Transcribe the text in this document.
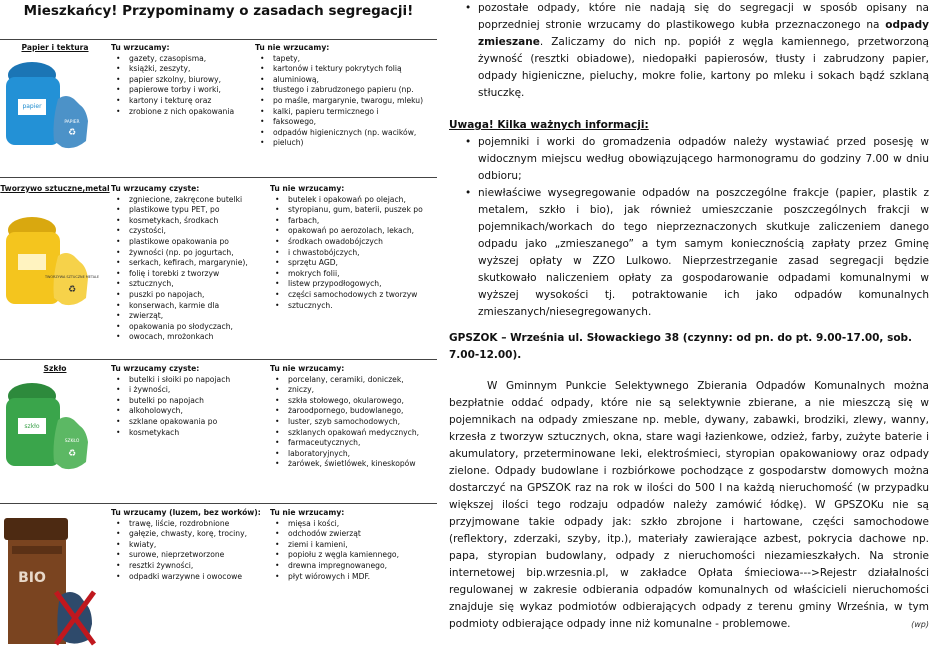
Mieszkańcy! Przypominamy o zasadach segregacji!
Papier i tektura
papier
PAPIER
♻
Tu wrzucamy:
• gazety, czasopisma,
• książki, zeszyty,
• papier szkolny, biurowy,
• papierowe torby i worki,
• kartony i tekturę oraz
• zrobione z nich opakowania
Tu nie wrzucamy:
• tapety,
• kartonów i tektury pokrytych folią
• aluminiową,
• tłustego i zabrudzonego papieru (np.
• po maśle, margarynie, twarogu, mleku)
• kalki, papieru termicznego i
• faksowego,
• odpadów higienicznych (np. wacików,
• pieluch)
Tworzywo sztuczne,metal
TWORZYWA SZTUCZNE METALE
♻
Tu wrzucamy czyste:
• zgniecione, zakręcone butelki
• plastikowe typu PET, po
• kosmetykach, środkach
• czystości,
• plastikowe opakowania po
• żywności (np. po jogurtach,
• serkach, kefirach, margarynie),
• folię i torebki z tworzyw
• sztucznych,
• puszki po napojach,
• konserwach, karmie dla
• zwierząt,
• opakowania po słodyczach,
• owocach, mrożonkach
Tu nie wrzucamy:
• butelek i opakowań po olejach,
• styropianu, gum, baterii, puszek po
• farbach,
• opakowań po aerozolach, lekach,
• środkach owadobójczych
• i chwastobójczych,
• sprzętu AGD,
• mokrych folii,
• listew przypodłogowych,
• części samochodowych z tworzyw
• sztucznych.
Szkło
szkło
SZKŁO
♻
Tu wrzucamy czyste:
• butelki i słoiki po napojach
• i żywności,
• butelki po napojach
• alkoholowych,
• szklane opakowania po
• kosmetykach
Tu nie wrzucamy:
• porcelany, ceramiki, doniczek,
• zniczy,
• szkła stołowego, okularowego,
• żaroodpornego, budowlanego,
• luster, szyb samochodowych,
• szklanych opakowań medycznych,
• farmaceutycznych,
• laboratoryjnych,
• żarówek, świetlówek, kineskopów
BIO
Tu wrzucamy (luzem, bez worków):
• trawę, liście, rozdrobnione
• gałęzie, chwasty, korę, trociny,
• kwiaty,
• surowe, nieprzetworzone
• resztki żywności,
• odpadki warzywne i owocowe
Tu nie wrzucamy:
• mięsa i kości,
• odchodów zwierząt
• ziemi i kamieni,
• popiołu z węgla kamiennego,
• drewna impregnowanego,
• płyt wiórowych i MDF.
• pozostałe odpady, które nie nadają się do segregacji w sposób opisany na poprzedniej stronie wrzucamy do plastikowego kubła przeznaczonego na odpady zmieszane. Zaliczamy do nich np. popiół z węgla kamiennego, przetworzoną żywność (resztki obiadowe), niedopałki papierosów, tłusty i zabrudzony papier, odpady higieniczne, pieluchy, mokre folie, kartony po mleku i sokach bądź szklaną stłuczkę.
Uwaga! Kilka ważnych informacji:
• pojemniki i worki do gromadzenia odpadów należy wystawiać przed posesję w widocznym miejscu według obowiązującego harmonogramu do godziny 7.00 w dniu odbioru;
• niewłaściwe wysegregowanie odpadów na poszczególne frakcje (papier, plastik z metalem, szkło i bio), jak również umieszczanie poszczególnych frakcji w pojemnikach/workach do tego nieprzeznaczonych skutkuje zaliczeniem danego odpadu jako „zmieszanego” a tym samym koniecznością zapłaty przez Gminę wyższej opłaty w ZZO Lulkowo. Nieprzestrzeganie zasad segregacji będzie skutkowało naliczeniem opłaty za gospodarowanie odpadami komunalnymi w wyższej wysokości tj. potraktowanie ich jako odpadów komunalnych zmieszanych/niesegregowanych.
GPSZOK – Września ul. Słowackiego 38 (czynny: od pn. do pt. 9.00-17.00, sob. 7.00-12.00).

W Gminnym Punkcie Selektywnego Zbierania Odpadów Komunalnych można bezpłatnie oddać odpady, które nie są selektywnie zbierane, a nie mieszczą się w pojemnikach na odpady zmieszane np. meble, dywany, zabawki, brodziki, zlewy, wanny, krzesła z tworzyw sztucznych, okna, stare wagi łazienkowe, odzież, farby, zużyte baterie i akumulatory, przeterminowane leki, elektrośmieci, styropian opakowaniowy oraz odpady zielone. Odpady budowlane i rozbiórkowe pochodzące z gospodarstw domowych można dostarczyć na GPSZOK raz na rok w ilości do 500 l na każdą nieruchomość (w przypadku większej ilości tego rodzaju odpadów należy zamówić łódkę). W GPSZOKu nie są przyjmowane takie odpady jak: szkło zbrojone i hartowane, części samochodowe (reflektory, zderzaki, szyby, itp.), materiały zawierające azbest, pokrycia dachowe np. papa, styropian budowlany, odpady z nieruchomości niezamieszkałych. Na stronie internetowej bip.wrzesnia.pl, w zakładce Opłata śmieciowa--->Rejestr działalności regulowanej w zakresie odbierania odpadów komunalnych od właścicieli nieruchomości znajduje się wykaz podmiotów odbierających odpady z terenu gminy Września, w tym podmioty odbierające odpady inne niż komunalne - problemowe.	(wp)
